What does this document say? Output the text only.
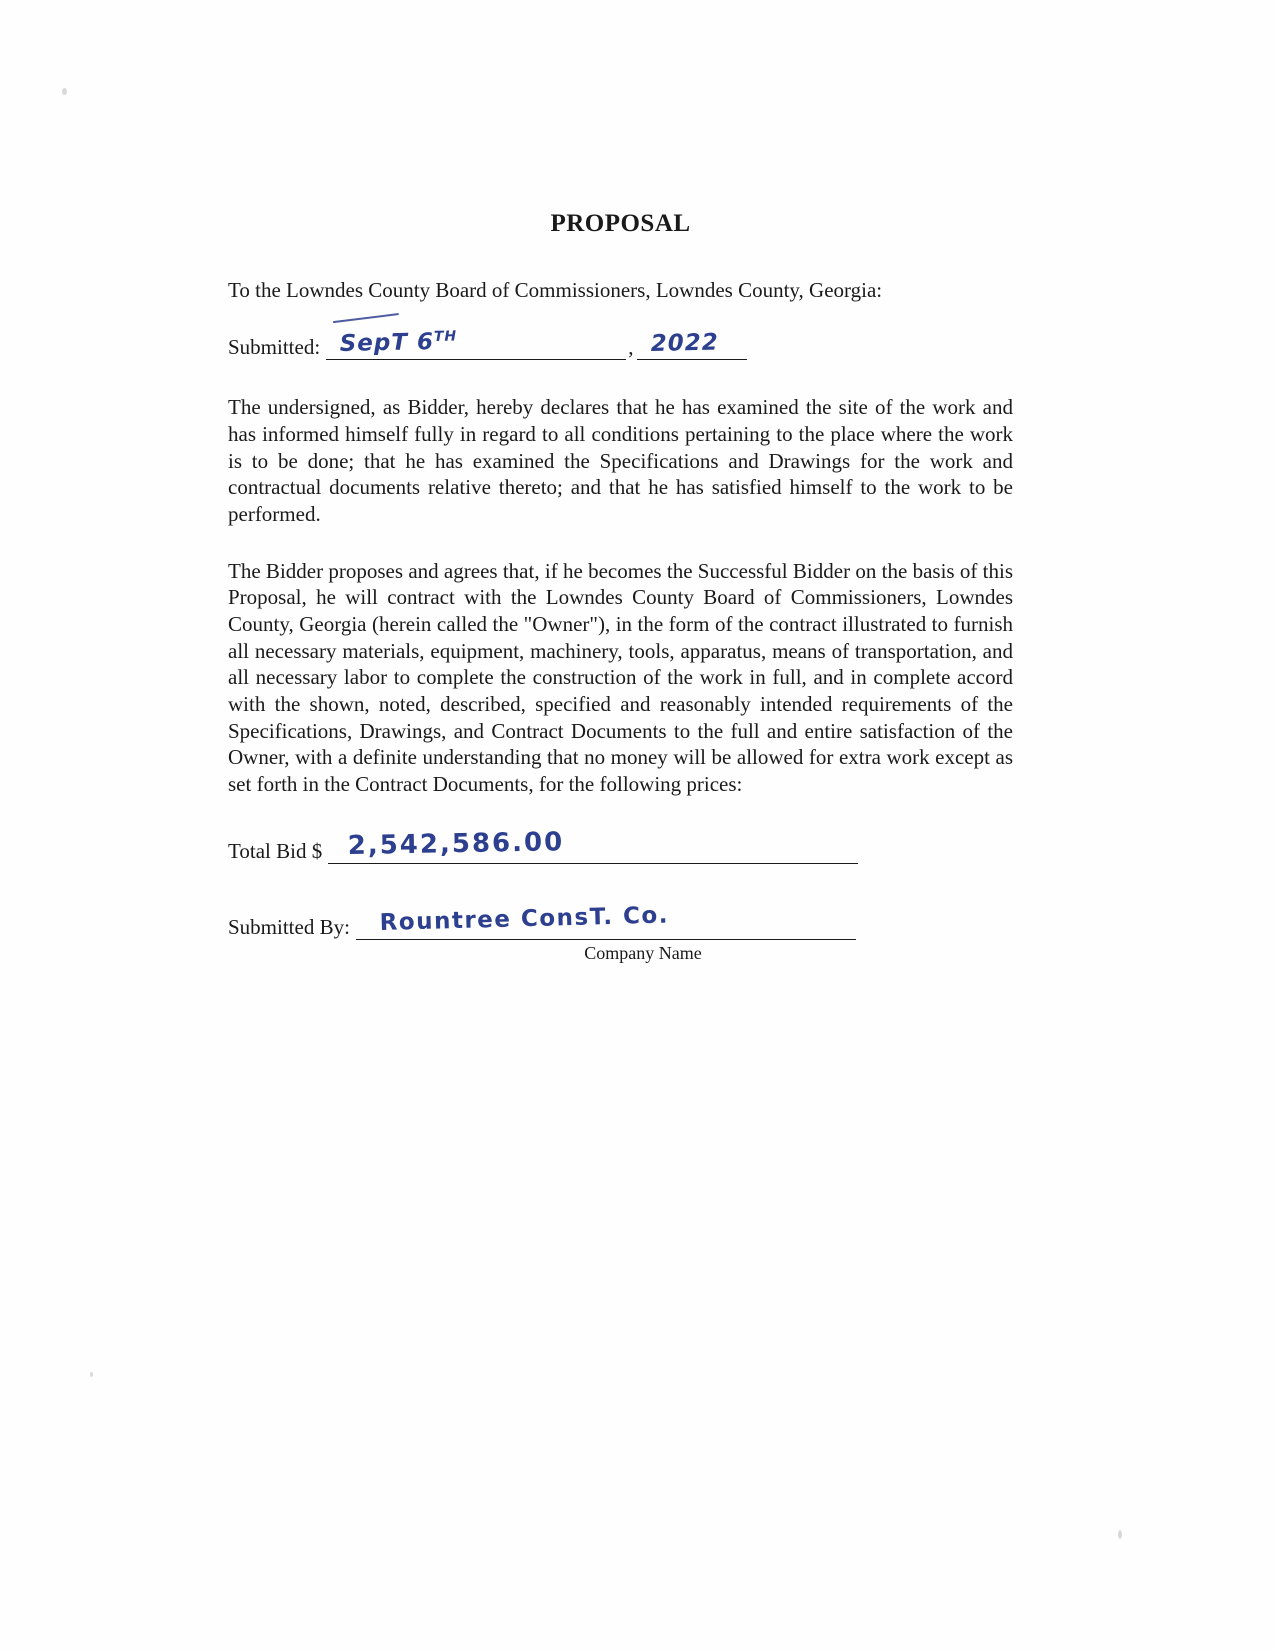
PROPOSAL
To the Lowndes County Board of Commissioners, Lowndes County, Georgia:
Submitted: SepT 6TH	, 2022

The undersigned, as Bidder, hereby declares that he has examined the site of the work and has informed himself fully in regard to all conditions pertaining to the place where the work is to be done; that he has examined the Specifications and Drawings for the work and contractual documents relative thereto; and that he has satisfied himself to the work to be performed.

The Bidder proposes and agrees that, if he becomes the Successful Bidder on the basis of this Proposal, he will contract with the Lowndes County Board of Commissioners, Lowndes County, Georgia (herein called the "Owner"), in the form of the contract illustrated to furnish all necessary materials, equipment, machinery, tools, apparatus, means of transportation, and all necessary labor to complete the construction of the work in full, and in complete accord with the shown, noted, described, specified and reasonably intended requirements of the Specifications, Drawings, and Contract Documents to the full and entire satisfaction of the Owner, with a definite understanding that no money will be allowed for extra work except as set forth in the Contract Documents, for the following prices:

Total Bid $ 2,542,586.00
Submitted By: Rountree ConsT. Co.
Company Name
